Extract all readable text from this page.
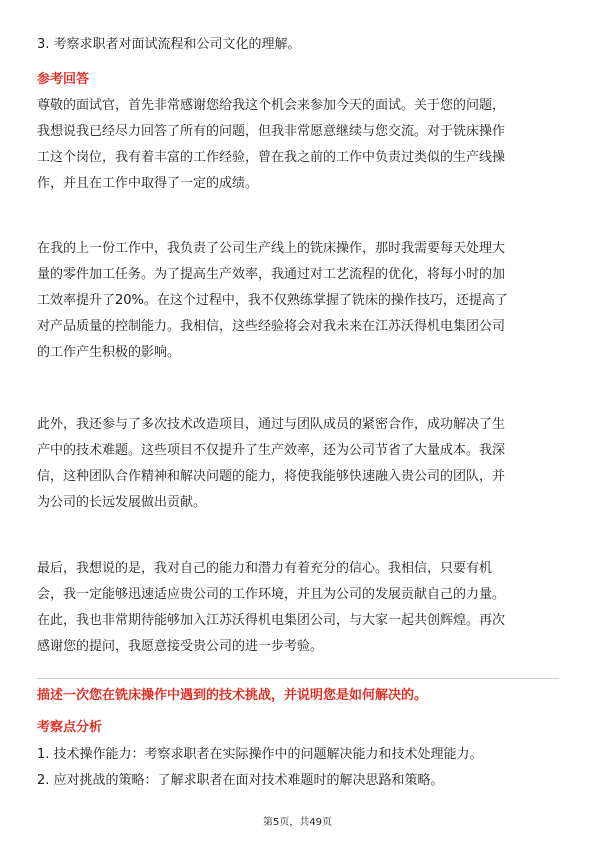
3. 考察求职者对面试流程和公司文化的理解。
参考回答
尊敬的面试官，首先非常感谢您给我这个机会来参加今天的面试。关于您的问题，
我想说我已经尽力回答了所有的问题，但我非常愿意继续与您交流。对于铣床操作
工这个岗位，我有着丰富的工作经验，曾在我之前的工作中负责过类似的生产线操
作，并且在工作中取得了一定的成绩。
在我的上一份工作中，我负责了公司生产线上的铣床操作，那时我需要每天处理大
量的零件加工任务。为了提高生产效率，我通过对工艺流程的优化，将每小时的加
工效率提升了20%。在这个过程中，我不仅熟练掌握了铣床的操作技巧，还提高了
对产品质量的控制能力。我相信，这些经验将会对我未来在江苏沃得机电集团公司
的工作产生积极的影响。
此外，我还参与了多次技术改造项目，通过与团队成员的紧密合作，成功解决了生
产中的技术难题。这些项目不仅提升了生产效率，还为公司节省了大量成本。我深
信，这种团队合作精神和解决问题的能力，将使我能够快速融入贵公司的团队，并
为公司的长远发展做出贡献。
最后，我想说的是，我对自己的能力和潜力有着充分的信心。我相信，只要有机
会，我一定能够迅速适应贵公司的工作环境，并且为公司的发展贡献自己的力量。
在此，我也非常期待能够加入江苏沃得机电集团公司，与大家一起共创辉煌。再次
感谢您的提问，我愿意接受贵公司的进一步考验。
描述一次您在铣床操作中遇到的技术挑战，并说明您是如何解决的。
考察点分析
1. 技术操作能力：考察求职者在实际操作中的问题解决能力和技术处理能力。
2. 应对挑战的策略：了解求职者在面对技术难题时的解决思路和策略。
第5页，共49页
